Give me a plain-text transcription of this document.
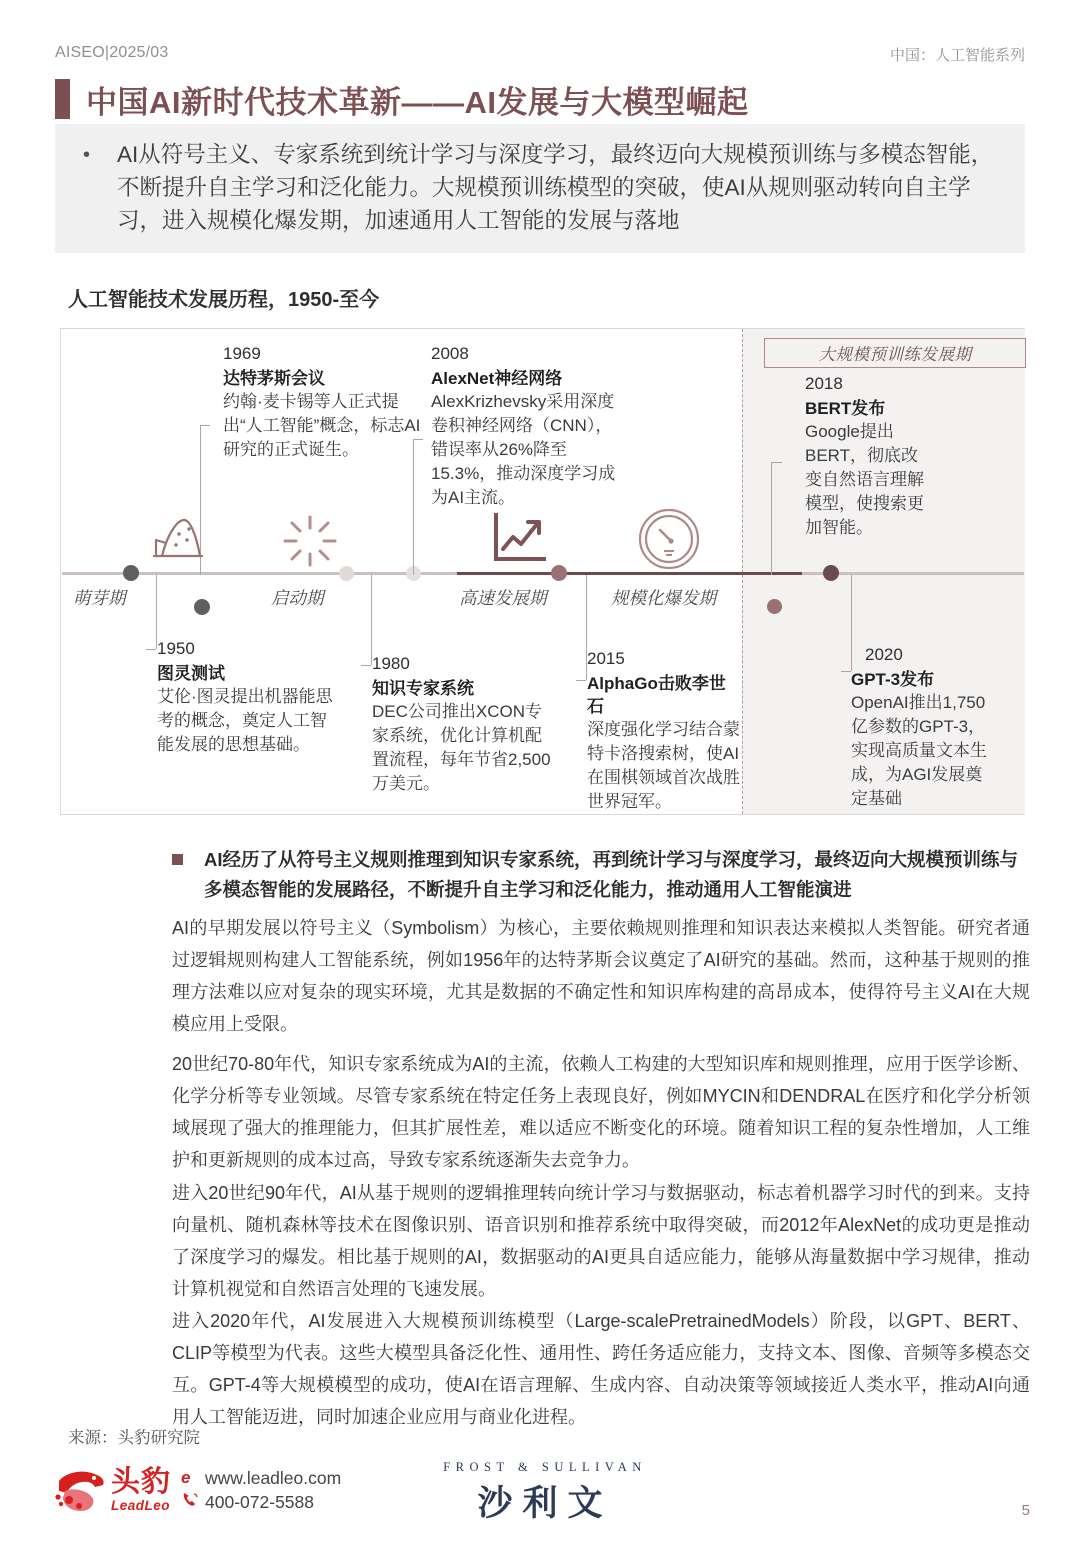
AISEO|2025/03	中国：人工智能系列
中国AI新时代技术革新——AI发展与大模型崛起
•	AI从符号主义、专家系统到统计学习与深度学习，最终迈向大规模预训练与多模态智能，不断提升自主学习和泛化能力。大规模预训练模型的突破，使AI从规则驱动转向自主学习，进入规模化爆发期，加速通用人工智能的发展与落地
人工智能技术发展历程，1950-至今
大规模预训练发展期
萌芽期	启动期	高速发展期	规模化爆发期
1969
达特茅斯会议
约翰·麦卡锡等人正式提出“人工智能”概念，标志AI研究的正式诞生。
2008
AlexNet神经网络
AlexKrizhevsky采用深度卷积神经网络（CNN），错误率从26%降至15.3%，推动深度学习成为AI主流。
2018
BERT发布
Google提出BERT，彻底改变自然语言理解模型，使搜索更加智能。
1950
图灵测试
艾伦·图灵提出机器能思考的概念，奠定人工智能发展的思想基础。
1980
知识专家系统
DEC公司推出XCON专家系统，优化计算机配置流程，每年节省2,500万美元。
2015
AlphaGo击败李世石
深度强化学习结合蒙特卡洛搜索树，使AI在围棋领域首次战胜世界冠军。
2020
GPT-3发布
OpenAI推出1,750亿参数的GPT-3，实现高质量文本生成，为AGI发展奠定基础
AI经历了从符号主义规则推理到知识专家系统，再到统计学习与深度学习，最终迈向大规模预训练与多模态智能的发展路径，不断提升自主学习和泛化能力，推动通用人工智能演进
AI的早期发展以符号主义（Symbolism）为核心，主要依赖规则推理和知识表达来模拟人类智能。研究者通过逻辑规则构建人工智能系统，例如1956年的达特茅斯会议奠定了AI研究的基础。然而，这种基于规则的推理方法难以应对复杂的现实环境，尤其是数据的不确定性和知识库构建的高昂成本，使得符号主义AI在大规模应用上受限。
20世纪70-80年代，知识专家系统成为AI的主流，依赖人工构建的大型知识库和规则推理，应用于医学诊断、化学分析等专业领域。尽管专家系统在特定任务上表现良好，例如MYCIN和DENDRAL在医疗和化学分析领域展现了强大的推理能力，但其扩展性差，难以适应不断变化的环境。随着知识工程的复杂性增加，人工维护和更新规则的成本过高，导致专家系统逐渐失去竞争力。
进入20世纪90年代，AI从基于规则的逻辑推理转向统计学习与数据驱动，标志着机器学习时代的到来。支持向量机、随机森林等技术在图像识别、语音识别和推荐系统中取得突破，而2012年AlexNet的成功更是推动了深度学习的爆发。相比基于规则的AI，数据驱动的AI更具自适应能力，能够从海量数据中学习规律，推动计算机视觉和自然语言处理的飞速发展。
进入2020年代，AI发展进入大规模预训练模型（Large-scalePretrainedModels）阶段，以GPT、BERT、CLIP等模型为代表。这些大模型具备泛化性、通用性、跨任务适应能力，支持文本、图像、音频等多模态交互。GPT-4等大规模模型的成功，使AI在语言理解、生成内容、自动决策等领域接近人类水平，推动AI向通用人工智能迈进，同时加速企业应用与商业化进程。
来源：头豹研究院
头豹
LeadLeo
e www.leadleo.com
400-072-5588
FROST & SULLIVAN
沙利文	5
